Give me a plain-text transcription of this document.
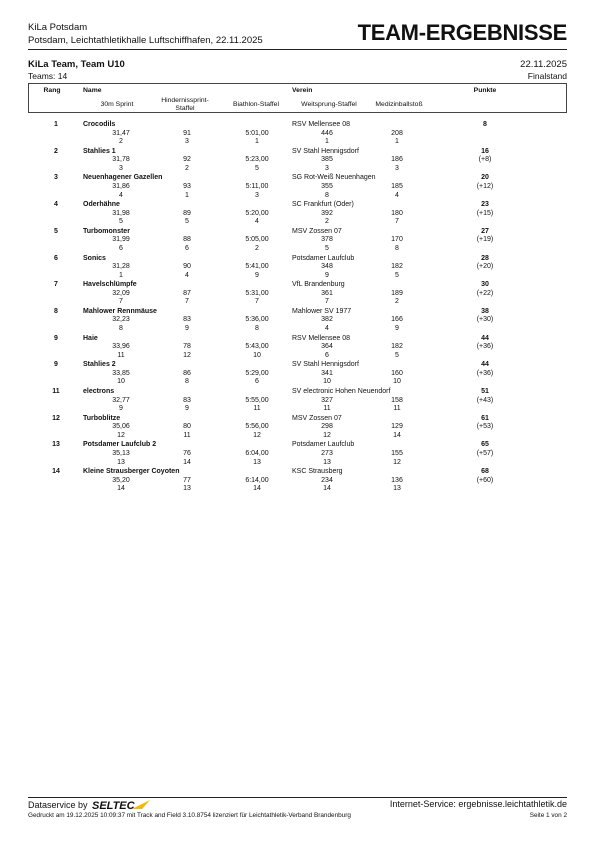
KiLa Potsdam
Potsdam, Leichtathletikhalle Luftschiffhafen, 22.11.2025	TEAM-ERGEBNISSE
KiLa Team, Team U10
Teams: 14
22.11.2025
Finalstand
Rang	Name	Verein	Punkte
30m Sprint
Hindernissprint-Staffel	Biathlon-Staffel	Weitsprung-Staffel	Medizinballstoß
1	Crocodils	RSV Mellensee 08	8
31,47	91	5:01,00	446	208
2	3	1	1	1
2	Stahlies 1	SV Stahl Hennigsdorf	16
(+8)
31,78	92	5:23,00	385	186
3	2	5	3	3
3	Neuenhagener Gazellen	SG Rot-Weiß Neuenhagen	20
(+12)
31,86	93	5:11,00	355	185
4	1	3	8	4
4	Oderhähne	SC Frankfurt (Oder)	23
(+15)
31,98	89	5:20,00	392	180
5	5	4	2	7
5	Turbomonster	MSV Zossen 07	27
(+19)
31,99	88	5:05,00	378	170
6	6	2	5	8
6	Sonics	Potsdamer Laufclub	28
(+20)
31,28	90	5:41,00	348	182
1	4	9	9	5
7	Havelschlümpfe	VfL Brandenburg	30
(+22)
32,09	87	5:31,00	361	189
7	7	7	7	2
8	Mahlower Rennmäuse	Mahlower SV 1977	38
(+30)
32,23	83	5:36,00	382	166
8	9	8	4	9
9	Haie	RSV Mellensee 08	44
(+36)
33,96	78	5:43,00	364	182
11	12	10	6	5
9	Stahlies 2	SV Stahl Hennigsdorf	44
(+36)
33,85	86	5:29,00	341	160
10	8	6	10	10
11	electrons	SV electronic Hohen Neuendorf	51
(+43)
32,77	83	5:55,00	327	158
9	9	11	11	11
12	Turboblitze	MSV Zossen 07	61
(+53)
35,06	80	5:56,00	298	129
12	11	12	12	14
13	Potsdamer Laufclub 2	Potsdamer Laufclub	65
(+57)
35,13	76	6:04,00	273	155
13	14	13	13	12
14	Kleine Strausberger Coyoten	KSC Strausberg	68
(+60)
35,20	77	6:14,00	234	136
14	13	14	14	13
Dataservice by SELTEC	Internet-Service: ergebnisse.leichtathletik.de
Gedruckt am 19.12.2025 10:09:37 mit Track and Field 3.10.8754 lizenziert für Leichtathletik-Verband Brandenburg	Seite 1 von 2
